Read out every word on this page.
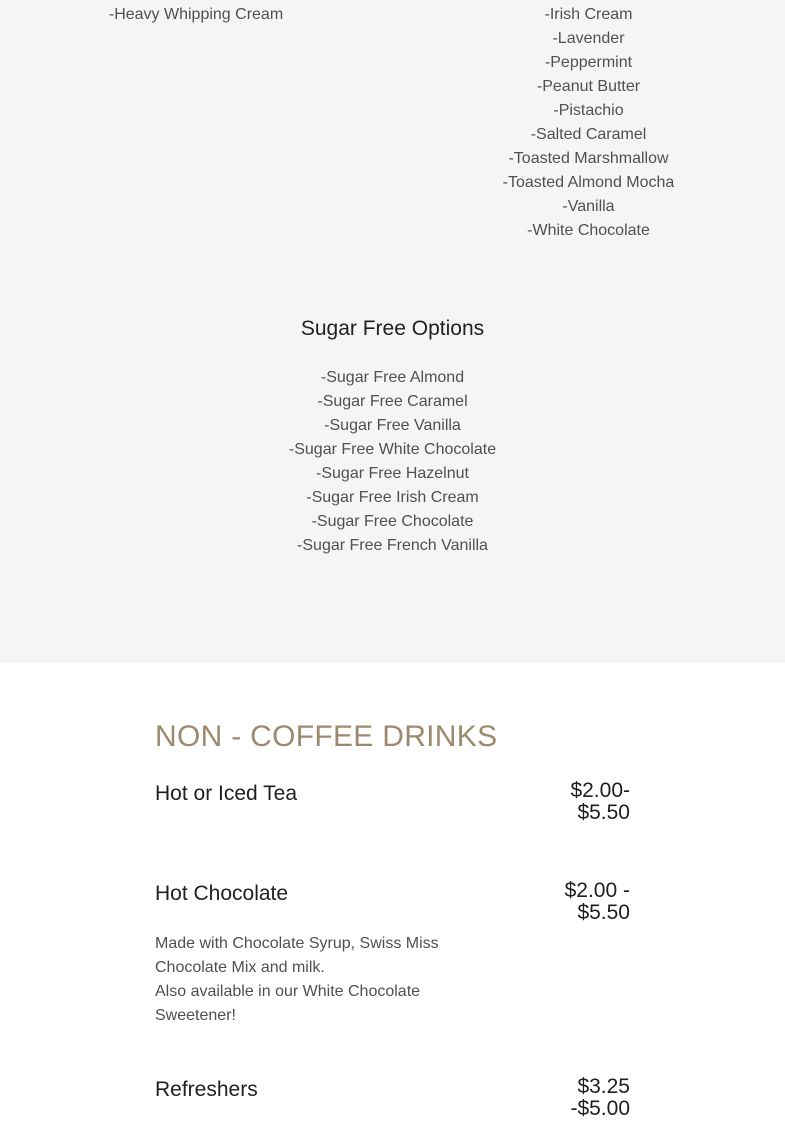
-Heavy Whipping Cream	-Irish Cream
-Lavender
-Peppermint
-Peanut Butter
-Pistachio
-Salted Caramel
-Toasted Marshmallow
-Toasted Almond Mocha
-Vanilla
-White Chocolate
Sugar Free Options
-Sugar Free Almond
-Sugar Free Caramel
-Sugar Free Vanilla
-Sugar Free White Chocolate
-Sugar Free Hazelnut
-Sugar Free Irish Cream
-Sugar Free Chocolate
-Sugar Free French Vanilla
NON - COFFEE DRINKS
Hot or Iced Tea	$2.00-
$5.50
Hot Chocolate	$2.00 -
$5.50
Made with Chocolate Syrup, Swiss Miss
Chocolate Mix and milk.
Also available in our White Chocolate
Sweetener!
Refreshers	$3.25
-$5.00
